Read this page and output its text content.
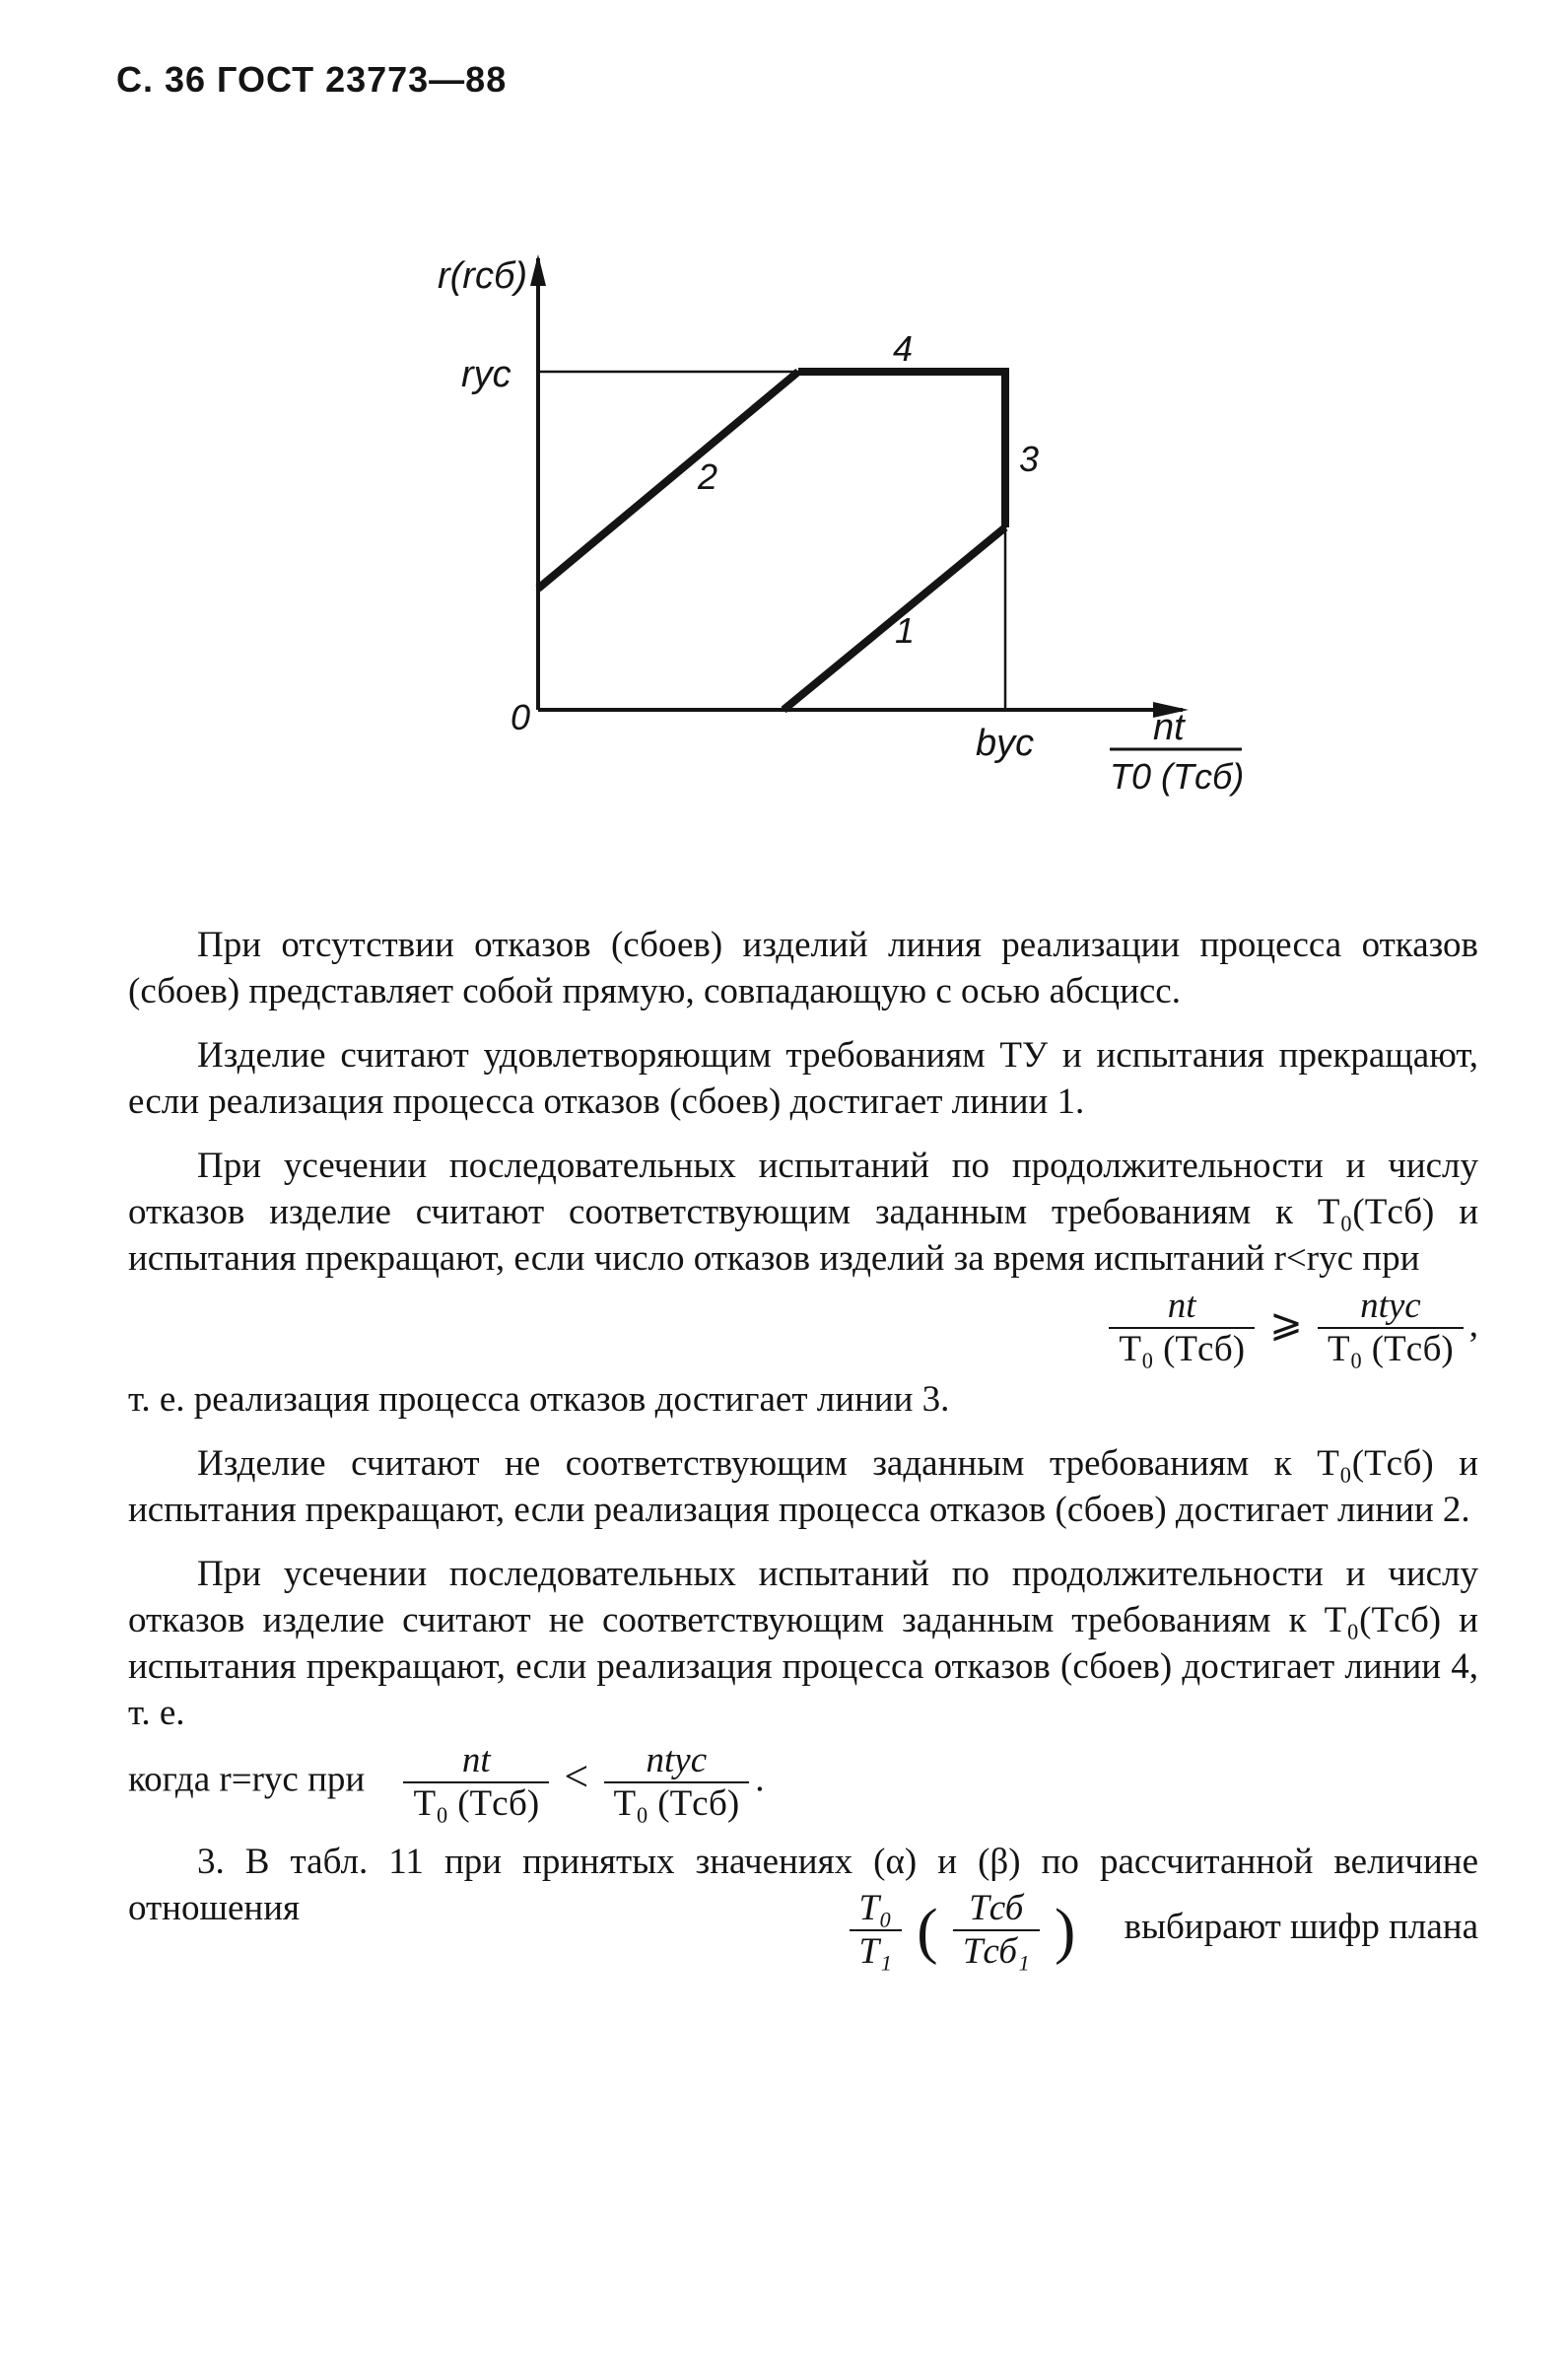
С. 36 ГОСТ 23773—88
r(rсб)
rус
0
bус	nt
T0 (Tсб)
1
2	3
4

При отсутствии отказов (сбоев) изделий линия реализации процесса отказов (сбоев) представляет собой прямую, совпадающую с осью абсцисс.

Изделие считают удовлетворяющим требованиям ТУ и испытания прекращают, если реализация процесса отказов (сбоев) достигает линии 1.

При усечении последовательных испытаний по продолжительности и числу отказов изделие считают соответствующим заданным требованиям к T₀(Tсб) и испытания прекращают, если число отказов изделий за время испытаний r<rус при

$\frac{nt}{\text{T₀ (Tсб)}}$ ⩾ $\frac{\text{ntус}}{\text{T₀ (Tсб)}}$ ,

т. е. реализация процесса отказов достигает линии 3.

Изделие считают не соответствующим заданным требованиям к T₀(Tсб) и испытания прекращают, если реализация процесса отказов (сбоев) достигает линии 2.

При усечении последовательных испытаний по продолжительности и числу отказов изделие считают не соответствующим заданным требованиям к T₀(Tсб) и испытания прекращают, если реализация процесса отказов (сбоев) достигает линии 4, т. е.

когда r=rус при $\frac{nt}{\text{T₀ (Tсб)}} < \frac{\text{ntус}}{\text{T₀ (Tсб)}}$ .

3. В табл. 11 при принятых значениях (α) и (β) по рассчитанной величине отношения	$\frac{\text{T₀}}{\text{T₁}}$ ( $\frac{\text{Tсб}}{\text{Tсб₁}}$ ) выбирают шифр плана
